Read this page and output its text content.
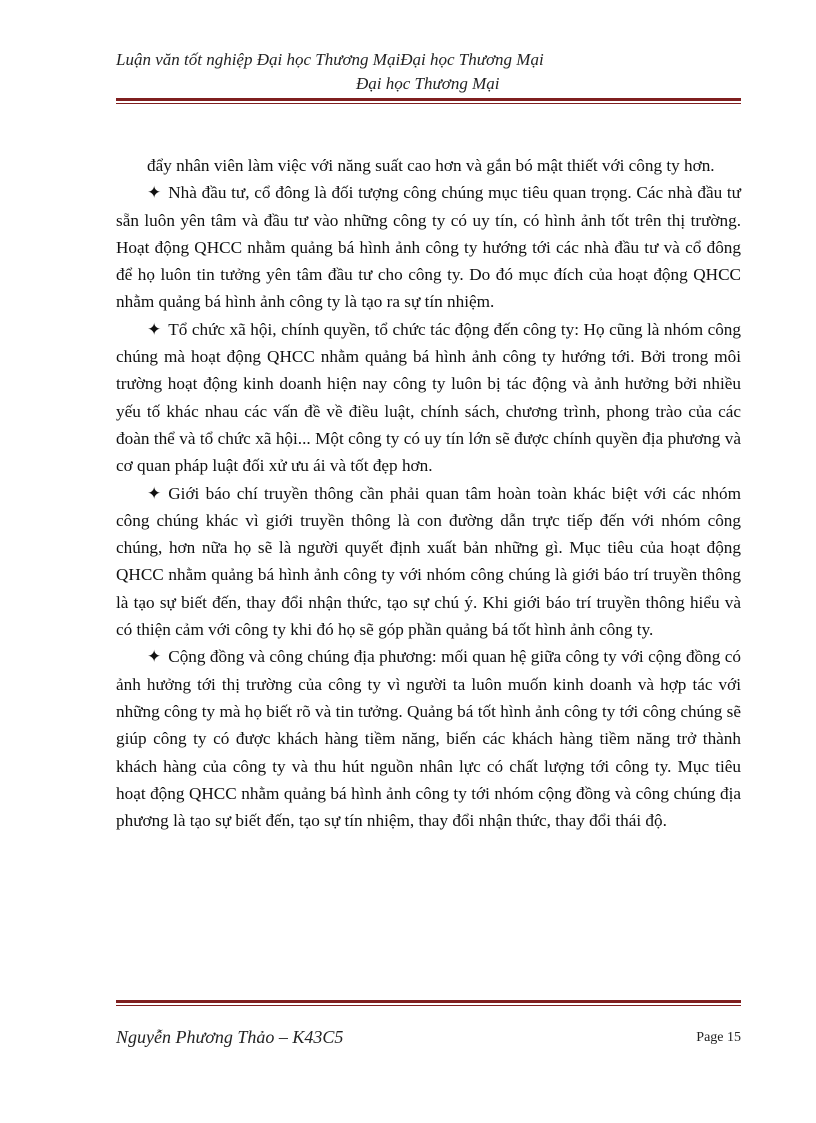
Luận văn tốt nghiệp Đại học Thương MạiĐại học Thương Mại
Đại học Thương Mại

đẩy nhân viên làm việc với năng suất cao hơn và gắn bó mật thiết với công ty hơn.

✦ Nhà đầu tư, cổ đông là đối tượng công chúng mục tiêu quan trọng. Các nhà đầu tư sẵn luôn yên tâm và đầu tư vào những công ty có uy tín, có hình ảnh tốt trên thị trường. Hoạt động QHCC nhằm quảng bá hình ảnh công ty hướng tới các nhà đầu tư và cổ đông để họ luôn tin tưởng yên tâm đầu tư cho công ty. Do đó mục đích của hoạt động QHCC nhằm quảng bá hình ảnh công ty là tạo ra sự tín nhiệm.

✦ Tổ chức xã hội, chính quyền, tổ chức tác động đến công ty: Họ cũng là nhóm công chúng mà hoạt động QHCC nhằm quảng bá hình ảnh công ty hướng tới. Bởi trong môi trường hoạt động kinh doanh hiện nay công ty luôn bị tác động và ảnh hưởng bởi nhiều yếu tố khác nhau các vấn đề về điều luật, chính sách, chương trình, phong trào của các đoàn thể và tổ chức xã hội... Một công ty có uy tín lớn sẽ được chính quyền địa phương và cơ quan pháp luật đối xử ưu ái và tốt đẹp hơn.

✦ Giới báo chí truyền thông cần phải quan tâm hoàn toàn khác biệt với các nhóm công chúng khác vì giới truyền thông là con đường dẫn trực tiếp đến với nhóm công chúng, hơn nữa họ sẽ là người quyết định xuất bản những gì. Mục tiêu của hoạt động QHCC nhằm quảng bá hình ảnh công ty với nhóm công chúng là giới báo trí truyền thông là tạo sự biết đến, thay đổi nhận thức, tạo sự chú ý. Khi giới báo trí truyền thông hiểu và có thiện cảm với công ty khi đó họ sẽ góp phần quảng bá tốt hình ảnh công ty.

✦ Cộng đồng và công chúng địa phương: mối quan hệ giữa công ty với cộng đồng có ảnh hưởng tới thị trường của công ty vì người ta luôn muốn kinh doanh và hợp tác với những công ty mà họ biết rõ và tin tưởng. Quảng bá tốt hình ảnh công ty tới công chúng sẽ giúp công ty có được khách hàng tiềm năng, biến các khách hàng tiềm năng trở thành khách hàng của công ty và thu hút nguồn nhân lực có chất lượng tới công ty. Mục tiêu hoạt động QHCC nhằm quảng bá hình ảnh công ty tới nhóm cộng đồng và công chúng địa phương là tạo sự biết đến, tạo sự tín nhiệm, thay đổi nhận thức, thay đổi thái độ.

Nguyễn Phương Thảo – K43C5	Page 15
